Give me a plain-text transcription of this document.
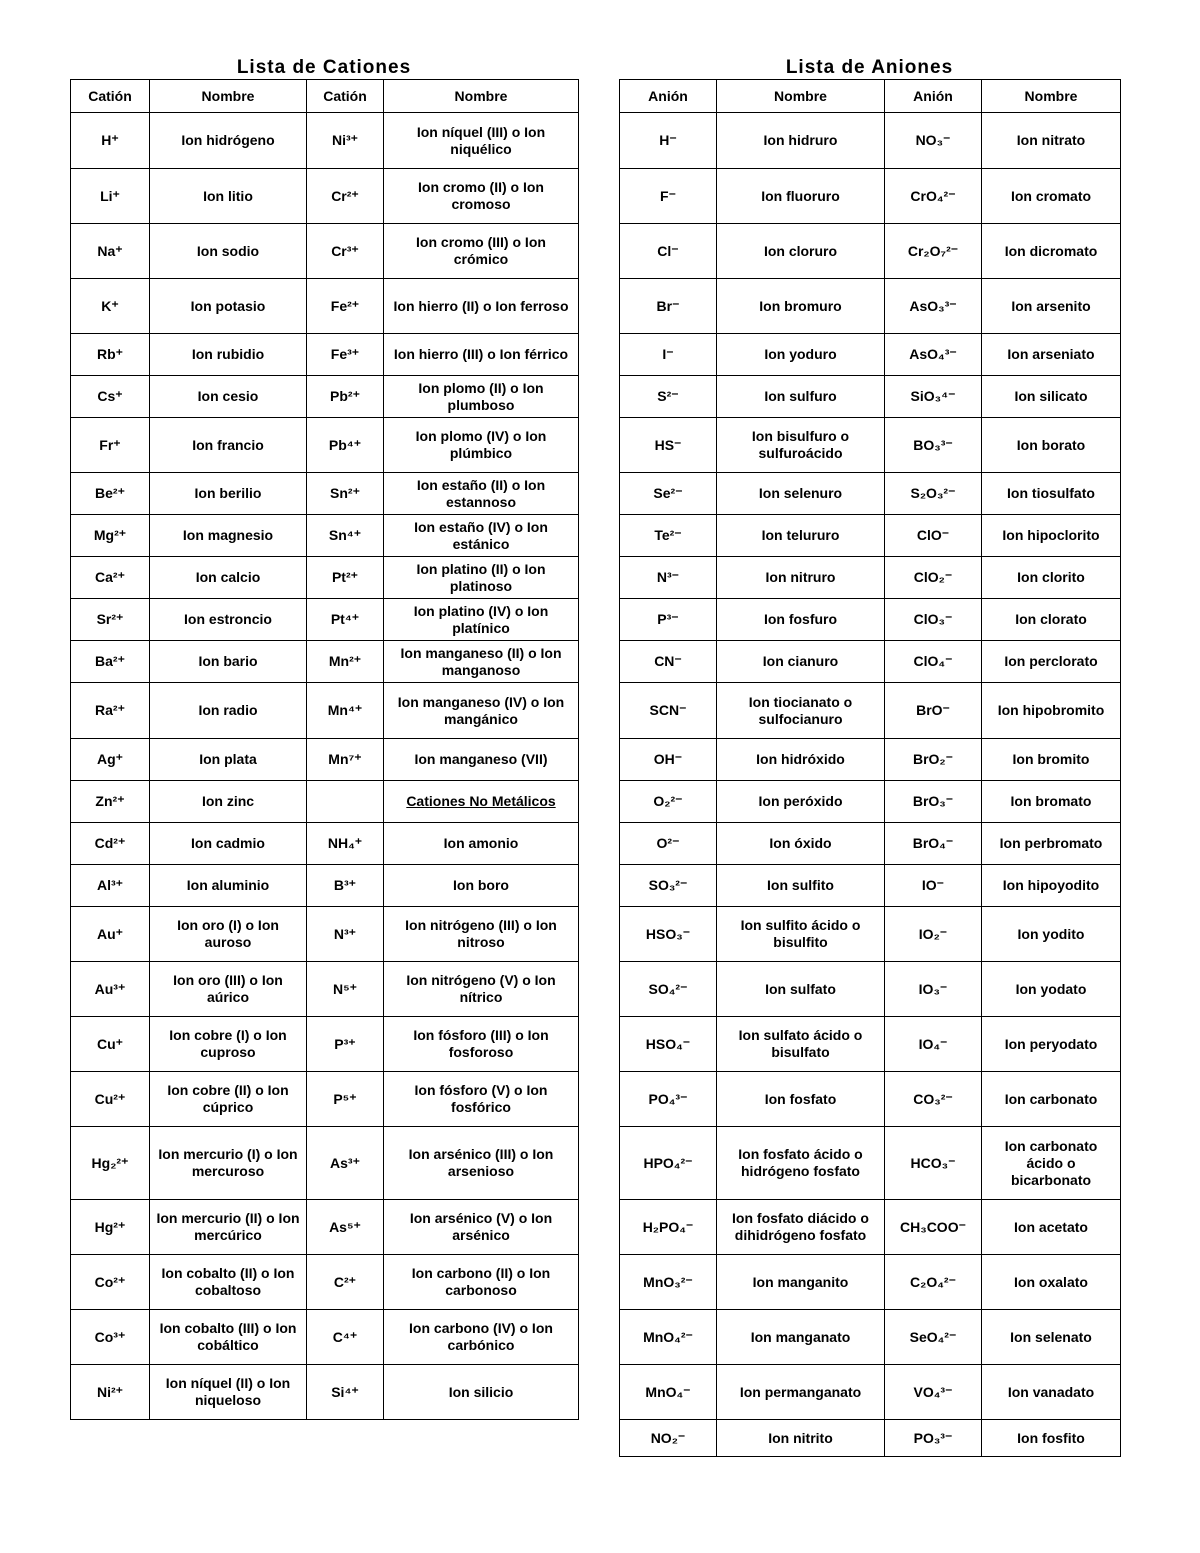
Lista de Cationes	Lista de Aniones
Catión	Nombre	Catión	Nombre
H⁺	Ion hidrógeno	Ni³⁺	Ion níquel (III) o Ion niquélico
Li⁺	Ion litio	Cr²⁺	Ion cromo (II) o Ion cromoso
Na⁺	Ion sodio	Cr³⁺	Ion cromo (III) o Ion crómico
K⁺	Ion potasio	Fe²⁺	Ion hierro (II) o Ion ferroso
Rb⁺	Ion rubidio	Fe³⁺	Ion hierro (III) o Ion férrico
Cs⁺	Ion cesio	Pb²⁺	Ion plomo (II) o Ion plumboso
Fr⁺	Ion francio	Pb⁴⁺	Ion plomo (IV) o Ion plúmbico
Be²⁺	Ion berilio	Sn²⁺	Ion estaño (II) o Ion estannoso
Mg²⁺	Ion magnesio	Sn⁴⁺	Ion estaño (IV) o Ion estánico
Ca²⁺	Ion calcio	Pt²⁺	Ion platino (II) o Ion platinoso
Sr²⁺	Ion estroncio	Pt⁴⁺	Ion platino (IV) o Ion platínico
Ba²⁺	Ion bario	Mn²⁺	Ion manganeso (II) o Ion manganoso
Ra²⁺	Ion radio	Mn⁴⁺	Ion manganeso (IV) o Ion mangánico
Ag⁺	Ion plata	Mn⁷⁺	Ion manganeso (VII)
Zn²⁺	Ion zinc		Cationes No Metálicos
Cd²⁺	Ion cadmio	NH₄⁺	Ion amonio
Al³⁺	Ion aluminio	B³⁺	Ion boro
Au⁺	Ion oro (I) o Ion auroso	N³⁺	Ion nitrógeno (III) o Ion nitroso
Au³⁺	Ion oro (III) o Ion aúrico	N⁵⁺	Ion nitrógeno (V) o Ion nítrico
Cu⁺	Ion cobre (I) o Ion cuproso	P³⁺	Ion fósforo (III) o Ion fosforoso
Cu²⁺	Ion cobre (II) o Ion cúprico	P⁵⁺	Ion fósforo (V) o Ion fosfórico
Hg₂²⁺	Ion mercurio (I) o Ion mercuroso	As³⁺	Ion arsénico (III) o Ion arsenioso
Hg²⁺	Ion mercurio (II) o Ion mercúrico	As⁵⁺	Ion arsénico (V) o Ion arsénico
Co²⁺	Ion cobalto (II) o Ion cobaltoso	C²⁺	Ion carbono (II) o Ion carbonoso
Co³⁺	Ion cobalto (III) o Ion cobáltico	C⁴⁺	Ion carbono (IV) o Ion carbónico
Ni²⁺	Ion níquel (II) o Ion niqueloso	Si⁴⁺	Ion silicio
Anión	Nombre	Anión	Nombre
H⁻	Ion hidruro	NO₃⁻	Ion nitrato
F⁻	Ion fluoruro	CrO₄²⁻	Ion cromato
Cl⁻	Ion cloruro	Cr₂O₇²⁻	Ion dicromato
Br⁻	Ion bromuro	AsO₃³⁻	Ion arsenito
I⁻	Ion yoduro	AsO₄³⁻	Ion arseniato
S²⁻	Ion sulfuro	SiO₃⁴⁻	Ion silicato
HS⁻	Ion bisulfuro o sulfuroácido	BO₃³⁻	Ion borato
Se²⁻	Ion selenuro	S₂O₃²⁻	Ion tiosulfato
Te²⁻	Ion telururo	ClO⁻	Ion hipoclorito
N³⁻	Ion nitruro	ClO₂⁻	Ion clorito
P³⁻	Ion fosfuro	ClO₃⁻	Ion clorato
CN⁻	Ion cianuro	ClO₄⁻	Ion perclorato
SCN⁻	Ion tiocianato o sulfocianuro	BrO⁻	Ion hipobromito
OH⁻	Ion hidróxido	BrO₂⁻	Ion bromito
O₂²⁻	Ion peróxido	BrO₃⁻	Ion bromato
O²⁻	Ion óxido	BrO₄⁻	Ion perbromato
SO₃²⁻	Ion sulfito	IO⁻	Ion hipoyodito
HSO₃⁻	Ion sulfito ácido o bisulfito	IO₂⁻	Ion yodito
SO₄²⁻	Ion sulfato	IO₃⁻	Ion yodato
HSO₄⁻	Ion sulfato ácido o bisulfato	IO₄⁻	Ion peryodato
PO₄³⁻	Ion fosfato	CO₃²⁻	Ion carbonato
HPO₄²⁻	Ion fosfato ácido o hidrógeno fosfato	HCO₃⁻	Ion carbonato ácido o bicarbonato
H₂PO₄⁻	Ion fosfato diácido o dihidrógeno fosfato	CH₃COO⁻	Ion acetato
MnO₃²⁻	Ion manganito	C₂O₄²⁻	Ion oxalato
MnO₄²⁻	Ion manganato	SeO₄²⁻	Ion selenato
MnO₄⁻	Ion permanganato	VO₄³⁻	Ion vanadato
NO₂⁻	Ion nitrito	PO₃³⁻	Ion fosfito
